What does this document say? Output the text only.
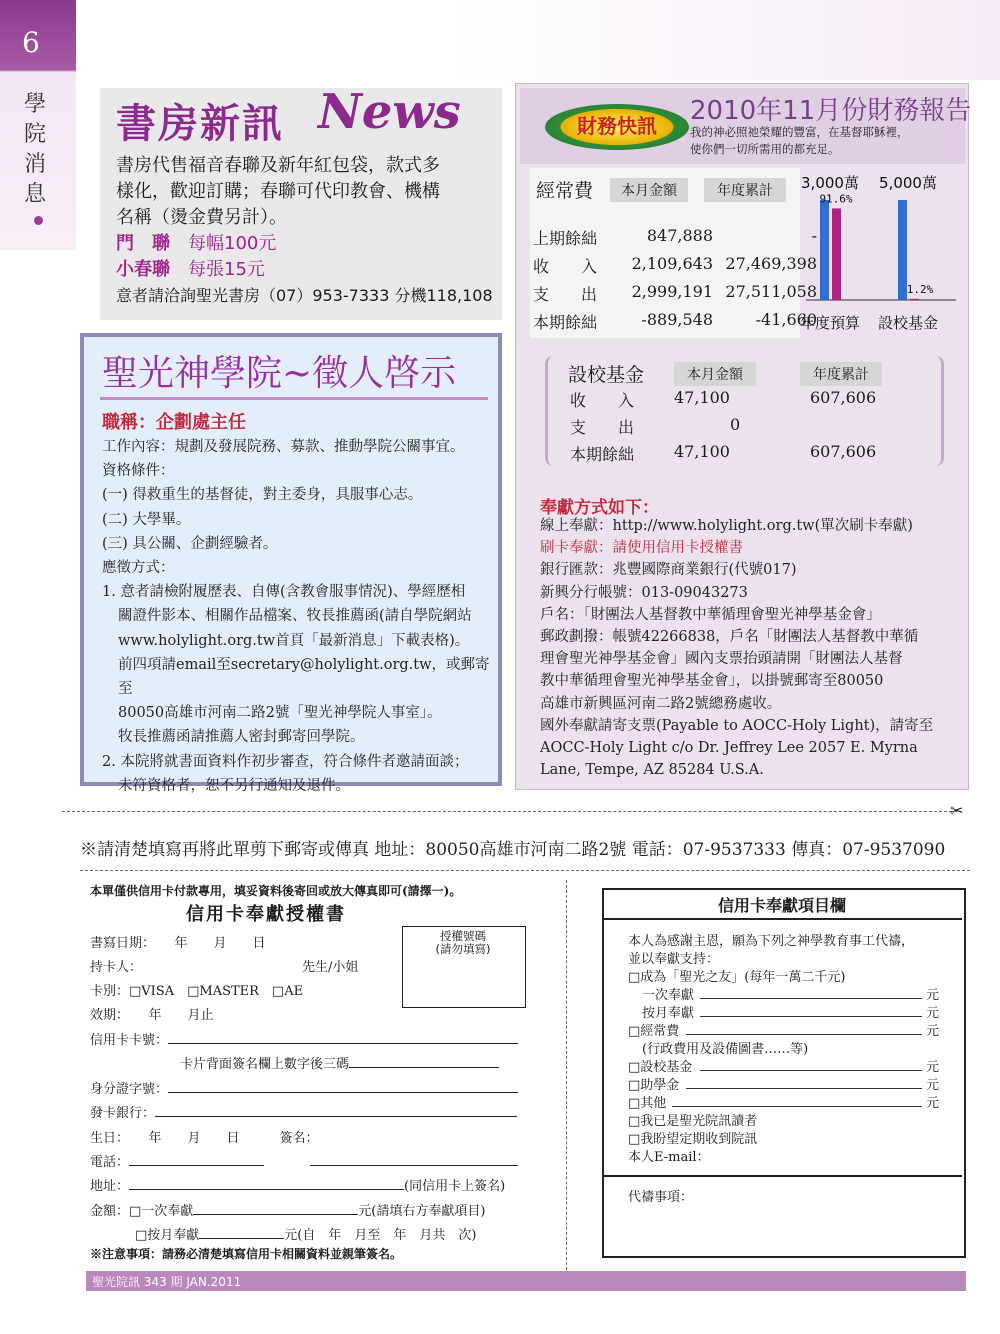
6
學院消息
書房新訊 News
書房代售福音春聯及新年紅包袋，款式多
樣化，歡迎訂購；春聯可代印教會、機構
名稱（燙金費另計）。
門　聯　 每幅100元
小春聯　 每張15元
意者請洽詢聖光書房（07）953-7333 分機118,108
聖光神學院~徵人啓示
職稱：企劃處主任
工作內容：規劃及發展院務、募款、推動學院公關事宜。
資格條件：
(一) 得救重生的基督徒，對主委身，具服事心志。
(二) 大學畢。
(三) 具公關、企劃經驗者。
應徵方式：
1. 意者請檢附履歷表、自傳(含教會服事情況)、學經歷相
關證件影本、相關作品檔案、牧長推薦函(請自學院網站
www.holylight.org.tw首頁「最新消息」下載表格)。
前四項請email至secretary@holylight.org.tw，或郵寄至
80050高雄市河南二路2號「聖光神學院人事室」。
牧長推薦函請推薦人密封郵寄回學院。
2. 本院將就書面資料作初步審查，符合條件者邀請面談；
未符資格者，恕不另行通知及退件。
財務快訊	2010年11月份財務報告
我的神必照祂榮耀的豐富，在基督耶穌裡，
使你們一切所需用的都充足。
經常費	本月金額	年度累計
上期餘絀	847,888	-
收　　入	2,109,643 27,469,398
支　　出	2,999,191 27,511,058
本期餘絀	-889,548	-41,660
3,000萬
年度預算
91.6%
5,000萬
設校基金
1.2%
設校基金	本月金額	年度累計
收　　入	47,100	607,606
支　　出	0
本期餘絀	47,100	607,606
奉獻方式如下：
線上奉獻：http://www.holylight.org.tw(單次刷卡奉獻)
刷卡奉獻：請使用信用卡授權書
銀行匯款：兆豐國際商業銀行(代號017)
新興分行帳號：013-09043273
戶名：「財團法人基督教中華循理會聖光神學基金會」
郵政劃撥：帳號42266838，戶名「財團法人基督教中華循
理會聖光神學基金會」國內支票抬頭請開「財團法人基督
教中華循理會聖光神學基金會」，以掛號郵寄至80050
高雄市新興區河南二路2號總務處收。
國外奉獻請寄支票(Payable to AOCC-Holy Light)，請寄至
AOCC-Holy Light c/o Dr. Jeffrey Lee 2057 E. Myrna
Lane, Tempe, AZ 85284 U.S.A.
✂
※請清楚填寫再將此單剪下郵寄或傳真 地址：80050高雄市河南二路2號 電話：07-9537333 傳真：07-9537090
本單僅供信用卡付款專用，填妥資料後寄回或放大傳真即可(請擇一)。
信用卡奉獻授權書
授權號碼
(請勿填寫)
書寫日期：　　年　　月　　日
持卡人：	先生/小姐
卡別：□VISA　□MASTER　□AE
效期：　　年　　月止
信用卡卡號：
卡片背面簽名欄上數字後三碼
身分證字號：
發卡銀行：
生日：　　年　　月　　日	簽名：
電話：
地址：	(同信用卡上簽名)
金額：□一次奉獻	元(請填右方奉獻項目)
□按月奉獻	元(自　年　月至　年　月共　次)
※注意事項：請務必清楚填寫信用卡相關資料並親筆簽名。
信用卡奉獻項目欄
本人為感謝主恩，願為下列之神學教育事工代禱，
並以奉獻支持：
□成為「聖光之友」(每年一萬二千元)
一次奉獻	元
按月奉獻	元
□經常費	元
(行政費用及設備圖書……等)
□設校基金	元
□助學金	元
□其他	元
□我已是聖光院訊讀者
□我盼望定期收到院訊
本人E-mail：
代禱事項：
聖光院訊 343 期 JAN.2011
